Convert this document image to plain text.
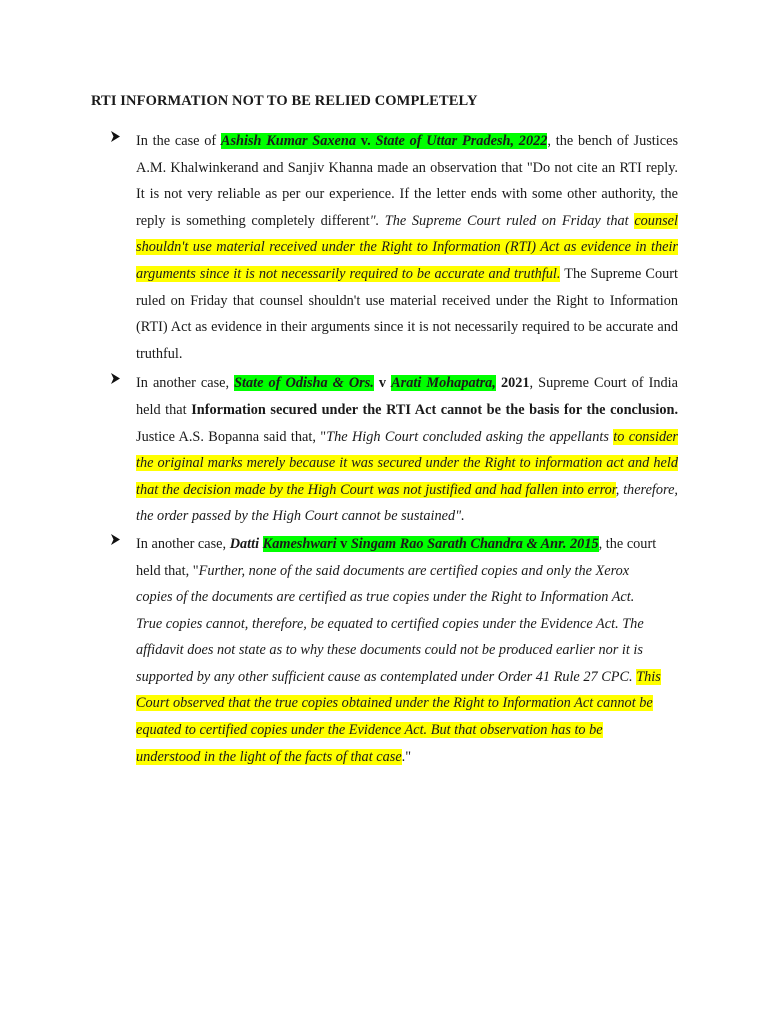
RTI INFORMATION NOT TO BE RELIED COMPLETELY

In the case of Ashish Kumar Saxena v. State of Uttar Pradesh, 2022, the bench of Justices A.M. Khalwinkerand and Sanjiv Khanna made an observation that "Do not cite an RTI reply. It is not very reliable as per our experience. If the letter ends with some other authority, the reply is something completely different". The Supreme Court ruled on Friday that counsel shouldn't use material received under the Right to Information (RTI) Act as evidence in their arguments since it is not necessarily required to be accurate and truthful. The Supreme Court ruled on Friday that counsel shouldn't use material received under the Right to Information (RTI) Act as evidence in their arguments since it is not necessarily required to be accurate and truthful.

In another case, State of Odisha & Ors. v Arati Mohapatra, 2021, Supreme Court of India held that Information secured under the RTI Act cannot be the basis for the conclusion. Justice A.S. Bopanna said that, "The High Court concluded asking the appellants to consider the original marks merely because it was secured under the Right to information act and held that the decision made by the High Court was not justified and had fallen into error, therefore, the order passed by the High Court cannot be sustained".

In another case, Datti Kameshwari v Singam Rao Sarath Chandra & Anr. 2015, the court held that, "Further, none of the said documents are certified copies and only the Xerox copies of the documents are certified as true copies under the Right to Information Act. True copies cannot, therefore, be equated to certified copies under the Evidence Act. The affidavit does not state as to why these documents could not be produced earlier nor it is supported by any other sufficient cause as contemplated under Order 41 Rule 27 CPC. This Court observed that the true copies obtained under the Right to Information Act cannot be equated to certified copies under the Evidence Act. But that observation has to be understood in the light of the facts of that case."
